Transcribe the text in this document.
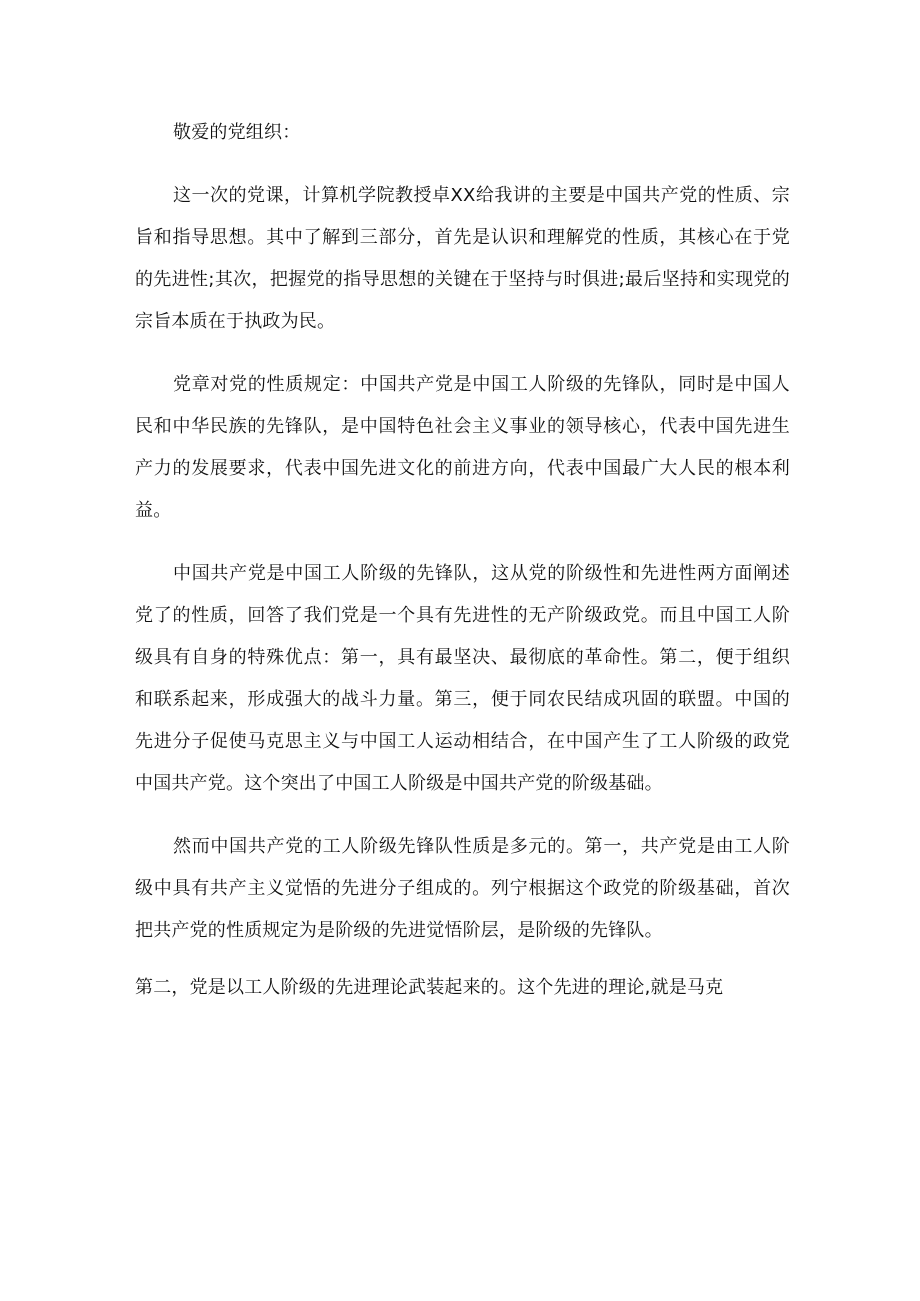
敬爱的党组织：

这一次的党课，计算机学院教授卓XX给我讲的主要是中国共产党的性质、宗旨和指导思想。其中了解到三部分，首先是认识和理解党的性质，其核心在于党的先进性;其次，把握党的指导思想的关键在于坚持与时俱进;最后坚持和实现党的宗旨本质在于执政为民。

党章对党的性质规定：中国共产党是中国工人阶级的先锋队，同时是中国人民和中华民族的先锋队，是中国特色社会主义事业的领导核心，代表中国先进生产力的发展要求，代表中国先进文化的前进方向，代表中国最广大人民的根本利益。

中国共产党是中国工人阶级的先锋队，这从党的阶级性和先进性两方面阐述党了的性质，回答了我们党是一个具有先进性的无产阶级政党。而且中国工人阶级具有自身的特殊优点：第一，具有最坚决、最彻底的革命性。第二，便于组织和联系起来，形成强大的战斗力量。第三，便于同农民结成巩固的联盟。中国的先进分子促使马克思主义与中国工人运动相结合，在中国产生了工人阶级的政党中国共产党。这个突出了中国工人阶级是中国共产党的阶级基础。

然而中国共产党的工人阶级先锋队性质是多元的。第一，共产党是由工人阶级中具有共产主义觉悟的先进分子组成的。列宁根据这个政党的阶级基础，首次把共产党的性质规定为是阶级的先进觉悟阶层，是阶级的先锋队。

第二，党是以工人阶级的先进理论武装起来的。这个先进的理论,就是马克
